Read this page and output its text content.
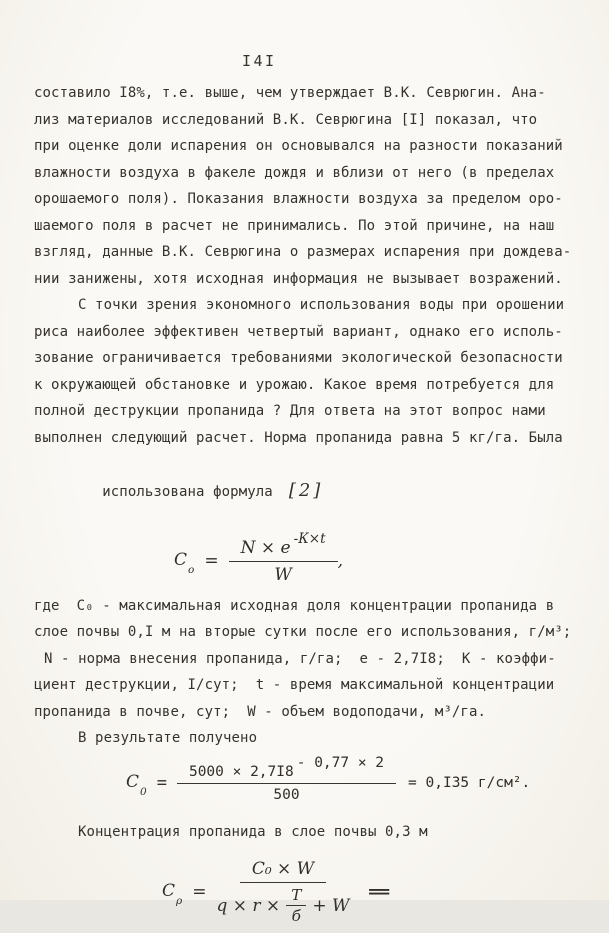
I4I
составило I8%, т.е. выше, чем утверждает В.К. Севрюгин. Ана-
лиз материалов исследований В.К. Севрюгина [I] показал, что
при оценке доли испарения он основывался на разности показаний
влажности воздуха в факеле дождя и вблизи от него (в пределах
орошаемого поля). Показания влажности воздуха за пределом оро-
шаемого поля в расчет не принимались. По этой причине, на наш
взгляд, данные В.К. Севрюгина о размерах испарения при дождева-
нии занижены, хотя исходная информация не вызывает возражений.
С точки зрения экономного использования воды при орошении
риса наиболее эффективен четвертый вариант, однако его исполь-
зование ограничивается требованиями экологической безопасности
к окружающей обстановке и урожаю. Какое время потребуется для
полной деструкции пропанида ? Для ответа на этот вопрос нами
выполнен следующий расчет. Норма пропанида равна 5 кг/га. Была

использована формула [2]

$C_o = \frac{N \times e^{-К\times t}}{W}$ ,
где  C₀ - максимальная исходная доля концентрации пропанида в
слое почвы 0,I м на вторые сутки после его использования, г/м³;
N - норма внесения пропанида, г/га;  е - 2,7I8;  К - коэффи-
циент деструкции, I/сут;  t - время максимальной концентрации
пропанида в почве, сут;  W - объем водоподачи, м³/га.
В результате получено
$C_0 = 5000 \times 2,7I8$
$^{- 0,77 \times 2}$
500 = 0,I35 г/см².
Концентрация пропанида в слое почвы 0,3 м
$C_\rho$ =
C₀ × W
$q \times r \times \frac{T}{б} + W$
=
